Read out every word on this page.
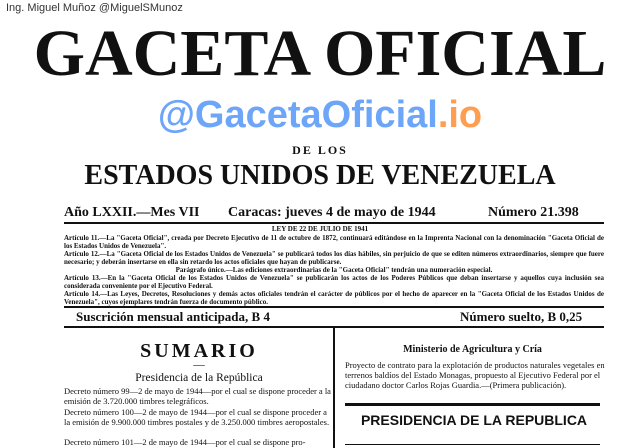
Ing. Miguel Muñoz @MiguelSMunoz
GACETA OFICIAL
@GacetaOficial.io
DE LOS
ESTADOS UNIDOS DE VENEZUELA
Año LXXII.—Mes VII Caracas: jueves 4 de mayo de 1944	Número 21.398
LEY DE 22 DE JULIO DE 1941
Artículo 11.—La "Gaceta Oficial", creada por Decreto Ejecutivo de 11 de octubre de 1872, continuará editándose en la Imprenta Nacional con la denominación "Gaceta Oficial de los Estados Unidos de Venezuela".
Artículo 12.—La "Gaceta Oficial de los Estados Unidos de Venezuela" se publicará todos los días hábiles, sin perjuicio de que se editen números extraordinarios, siempre que fuere necesario; y deberán insertarse en ella sin retardo los actos oficiales que hayan de publicarse.
Parágrafo único.—Las ediciones extraordinarias de la "Gaceta Oficial" tendrán una numeración especial.
Artículo 13.—En la "Gaceta Oficial de los Estados Unidos de Venezuela" se publicarán los actos de los Poderes Públicos que deban insertarse y aquellos cuya inclusión sea considerada conveniente por el Ejecutivo Federal.
Artículo 14.—Las Leyes, Decretos, Resoluciones y demás actos oficiales tendrán el carácter de públicos por el hecho de aparecer en la "Gaceta Oficial de los Estados Unidos de Venezuela", cuyos ejemplares tendrán fuerza de documento público.
Suscrición mensual anticipada, B 4	Número suelto, B 0,25
SUMARIO
—
Presidencia de la República
Decreto número 99—2 de mayo de 1944—por el cual se dispone proceder a la emisión de 3.720.000 timbres telegráficos.
Decreto número 100—2 de mayo de 1944—por el cual se dispone proceder a la emisión de 9.900.000 timbres postales y de 3.250.000 timbres aeropostales.
Decreto número 101—2 de mayo de 1944—por el cual se dispone pro-
Ministerio de Agricultura y Cría
Proyecto de contrato para la explotación de productos naturales vegetales en terrenos baldíos del Estado Monagas, propuesto al Ejecutivo Federal por el ciudadano doctor Carlos Rojas Guardia.—(Primera publicación).
PRESIDENCIA DE LA REPUBLICA
